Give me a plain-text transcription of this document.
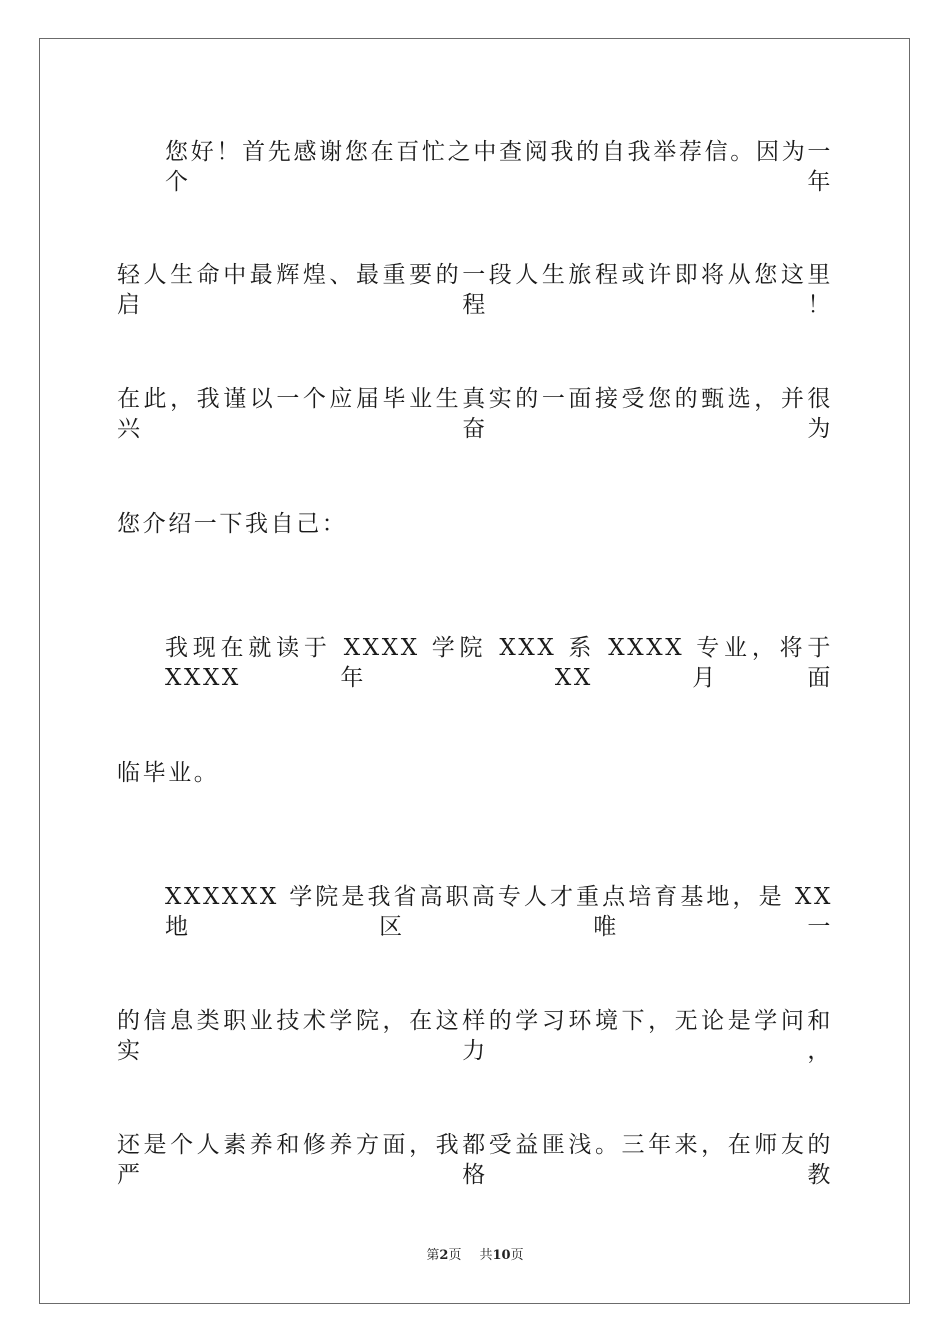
您好！首先感谢您在百忙之中查阅我的自我举荐信。因为一个年
轻人生命中最辉煌、最重要的一段人生旅程或许即将从您这里启程！
在此，我谨以一个应届毕业生真实的一面接受您的甄选，并很兴奋为
您介绍一下我自己：
我现在就读于 XXXX 学院 XXX 系 XXXX 专业，将于 XXXX 年 XX 月面
临毕业。
XXXXXX 学院是我省高职高专人才重点培育基地，是 XX 地区唯一
的信息类职业技术学院，在这样的学习环境下，无论是学问和实力，
还是个人素养和修养方面，我都受益匪浅。三年来，在师友的严格教
第2页 共10页
